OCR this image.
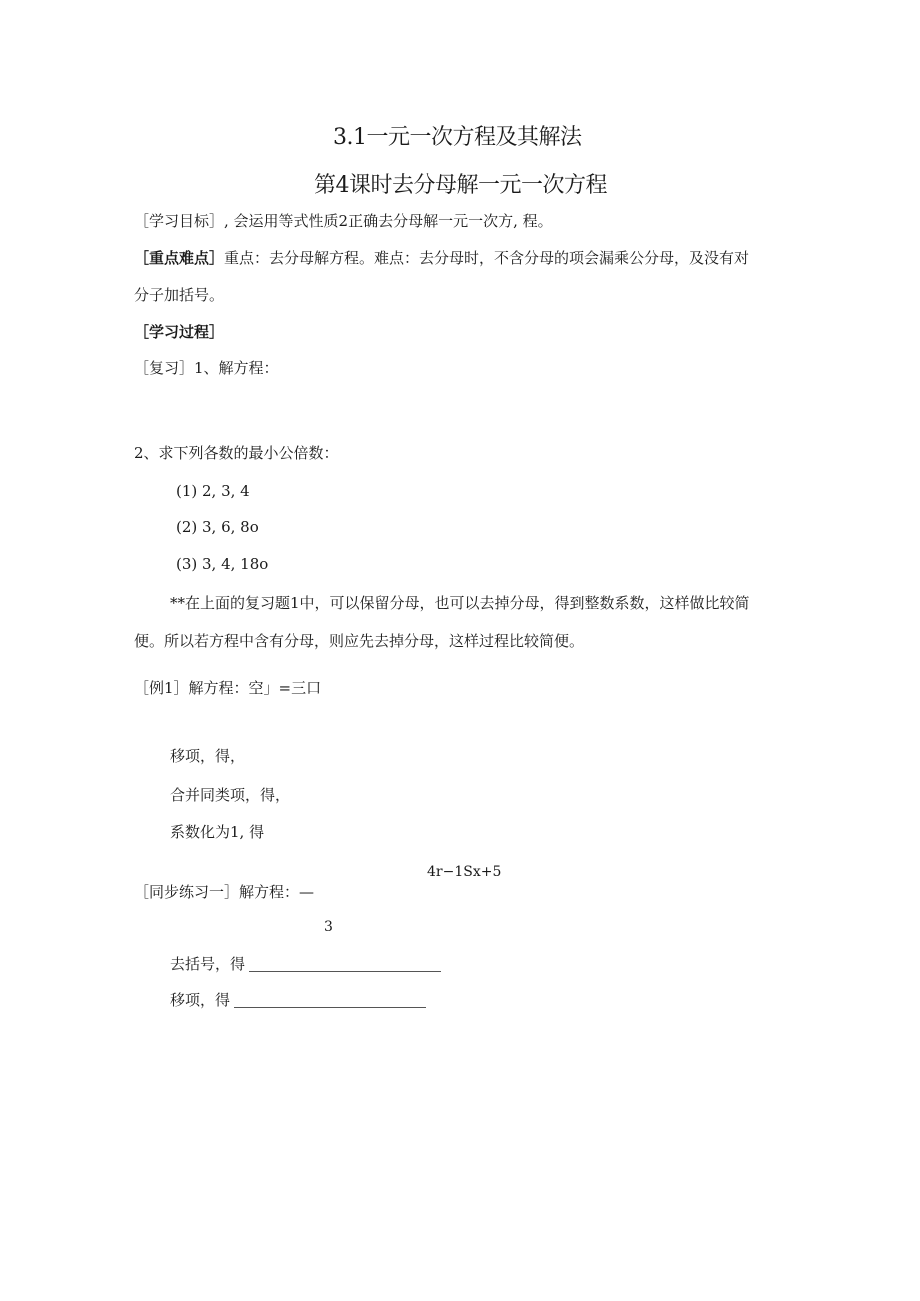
3.1一元一次方程及其解法
第4课时去分母解一元一次方程
［学习目标］, 会运用等式性质2正确去分母解一元一次方, 程。
［重点难点］重点：去分母解方程。难点：去分母时，不含分母的项会漏乘公分母，及没有对
分子加括号。
［学习过程］
［复习］1、解方程：
2、求下列各数的最小公倍数：
(1) 2, 3, 4
(2) 3, 6, 8o
(3) 3, 4, 18o
**在上面的复习题1中，可以保留分母，也可以去掉分母，得到整数系数，这样做比较简
便。所以若方程中含有分母，则应先去掉分母，这样过程比较简便。
［例1］解方程：空」=三口
移项，得，
合并同类项，得，
系数化为1, 得
4r−1Sx+5
［同步练习一］解方程：—
3
去括号，得
移项，得
